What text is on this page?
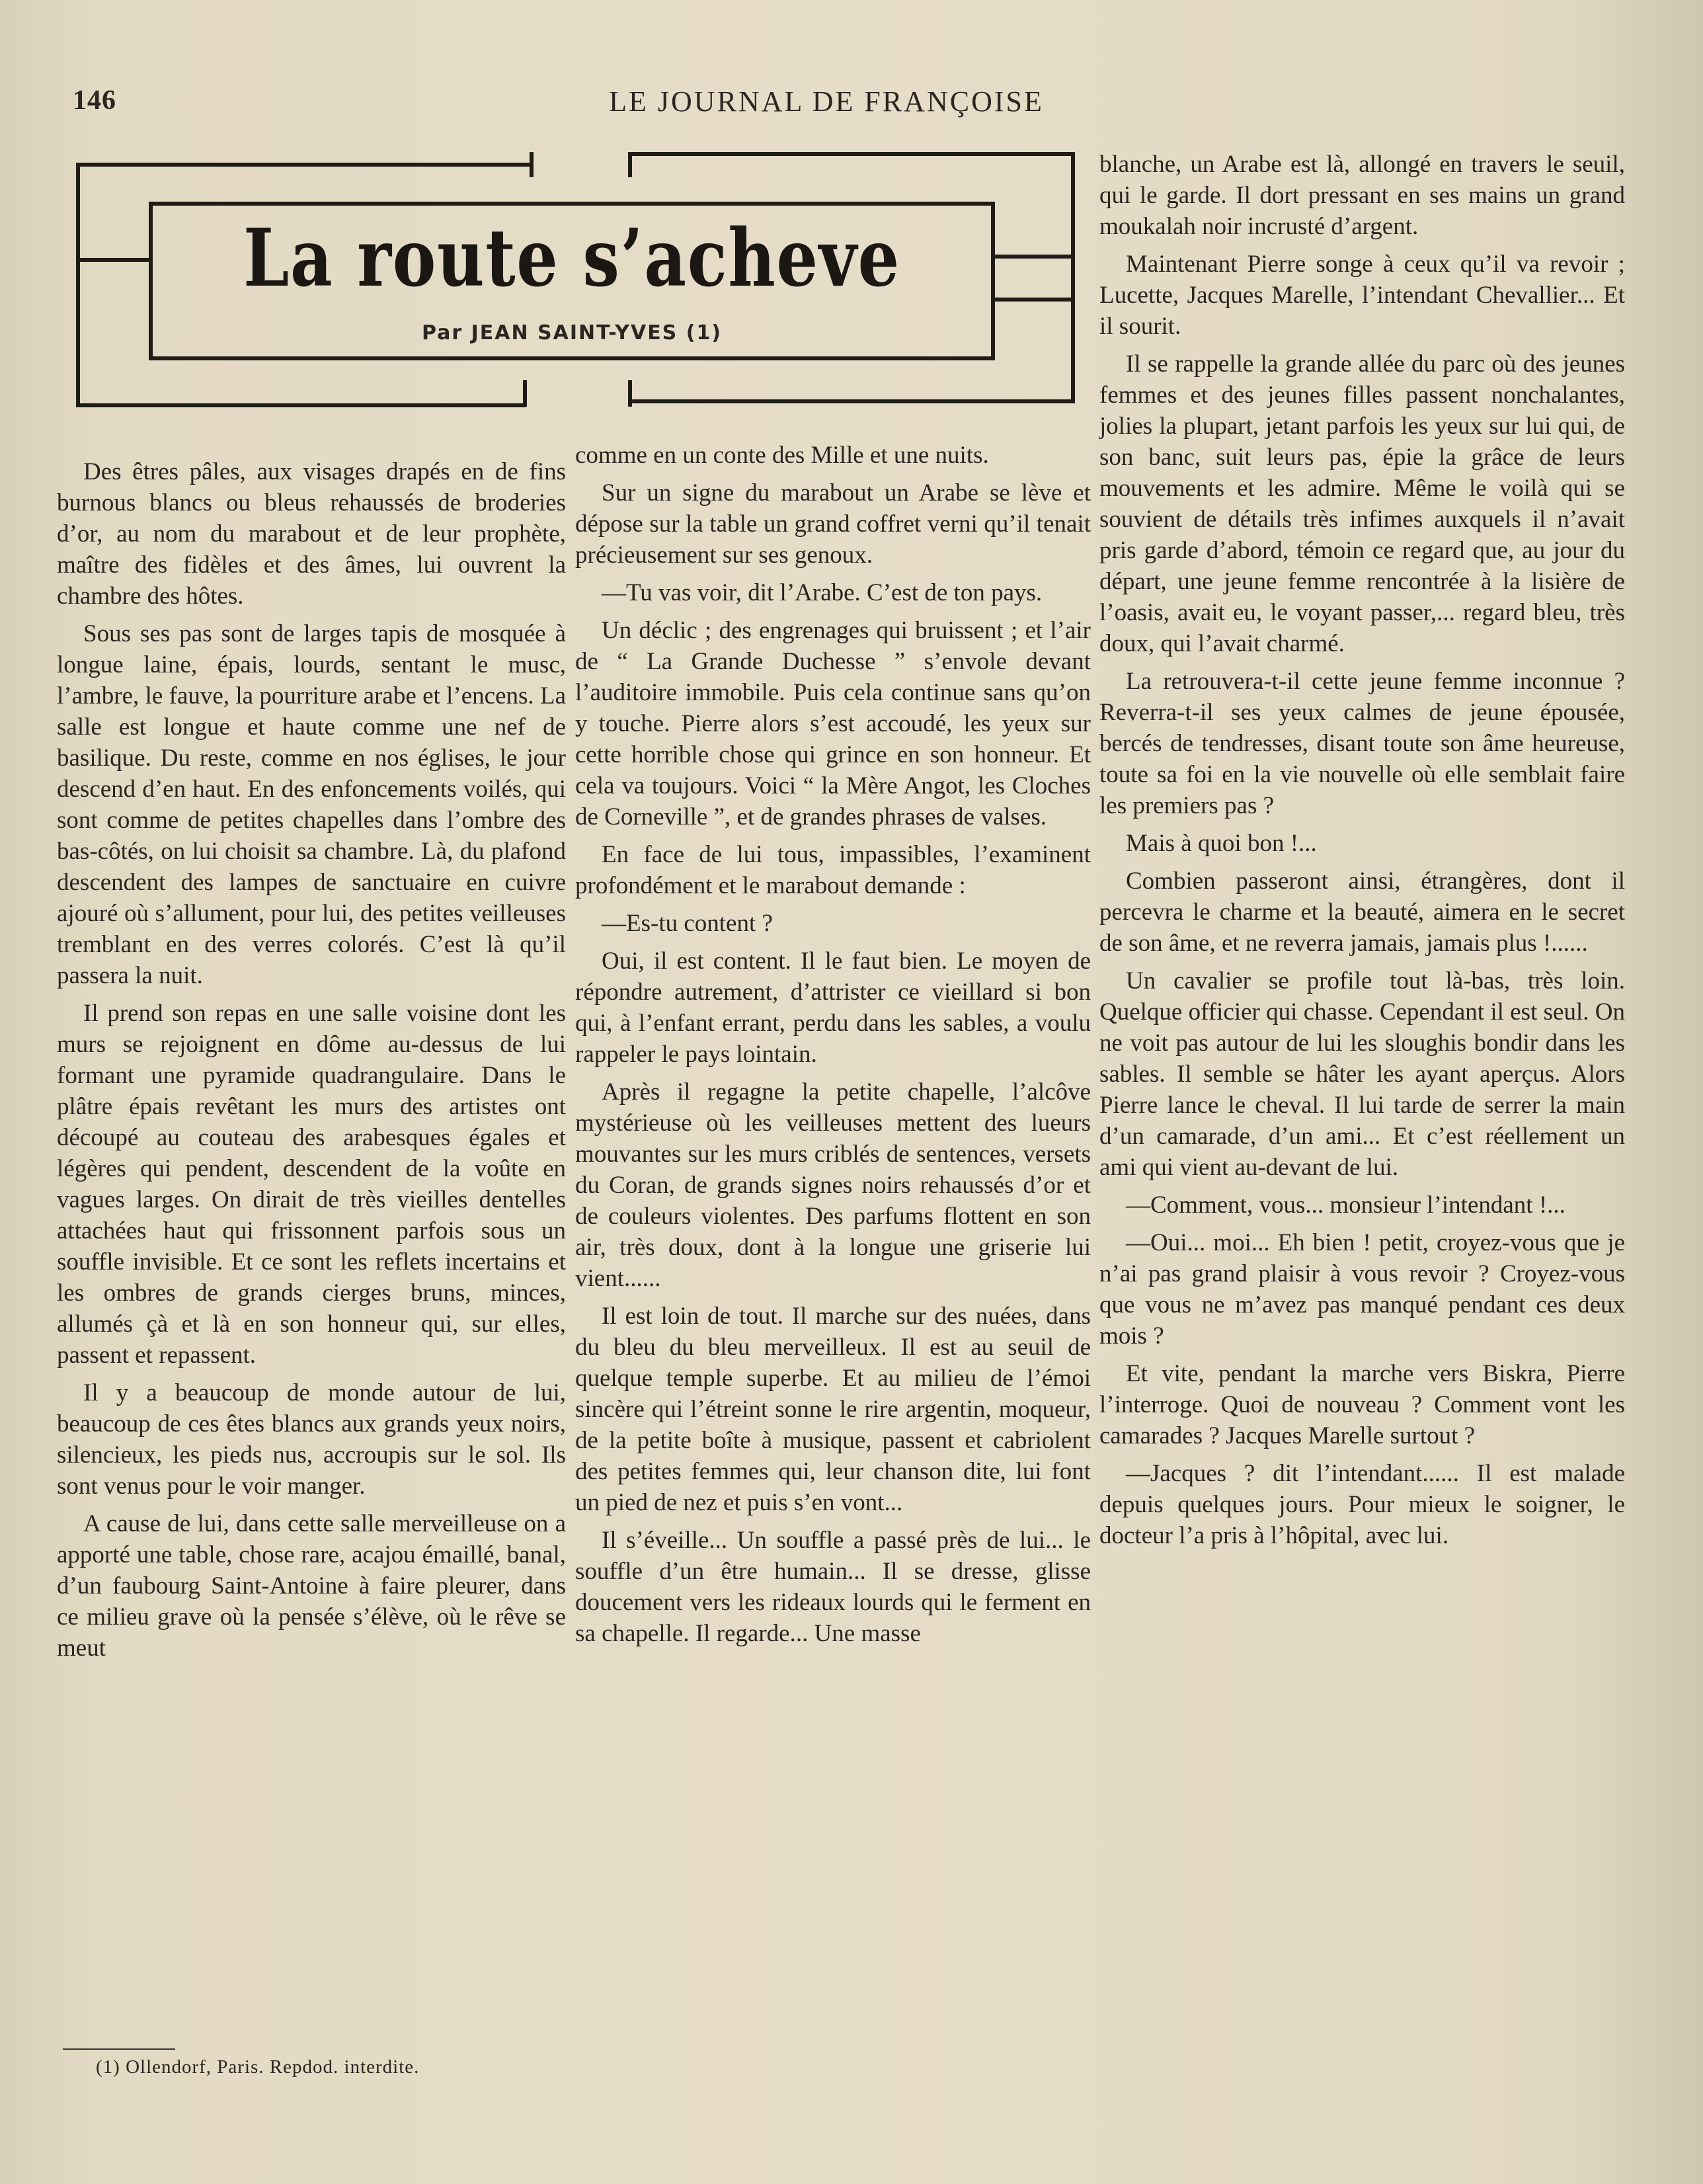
146	LE JOURNAL DE FRANÇOISE
La route s’acheve
Par JEAN SAINT-YVES (1)

Des êtres pâles, aux visages drapés en de fins burnous blancs ou bleus rehaussés de broderies d’or, au nom du marabout et de leur prophète, maître des fidèles et des âmes, lui ouvrent la chambre des hôtes.

Sous ses pas sont de larges tapis de mosquée à longue laine, épais, lourds, sentant le musc, l’ambre, le fauve, la pourriture arabe et l’encens. La salle est longue et haute comme une nef de basilique. Du reste, comme en nos églises, le jour descend d’en haut. En des enfoncements voilés, qui sont comme de petites chapelles dans l’ombre des bas-côtés, on lui choisit sa chambre. Là, du plafond descendent des lampes de sanctuaire en cuivre ajouré où s’allument, pour lui, des petites veilleuses tremblant en des verres colorés. C’est là qu’il passera la nuit.

Il prend son repas en une salle voisine dont les murs se rejoignent en dôme au-dessus de lui formant une pyramide quadrangulaire. Dans le plâtre épais revêtant les murs des artistes ont découpé au couteau des arabesques égales et légères qui pendent, descendent de la voûte en vagues larges. On dirait de très vieilles dentelles attachées haut qui frissonnent parfois sous un souffle invisible. Et ce sont les reflets incertains et les ombres de grands cierges bruns, minces, allumés çà et là en son honneur qui, sur elles, passent et repassent.

Il y a beaucoup de monde autour de lui, beaucoup de ces êtes blancs aux grands yeux noirs, silencieux, les pieds nus, accroupis sur le sol. Ils sont venus pour le voir manger.

A cause de lui, dans cette salle merveilleuse on a apporté une table, chose rare, acajou émaillé, banal, d’un faubourg Saint-Antoine à faire pleurer, dans ce milieu grave où la pensée s’élève, où le rêve se meut

comme en un conte des Mille et une nuits.

Sur un signe du marabout un Arabe se lève et dépose sur la table un grand coffret verni qu’il tenait précieusement sur ses genoux.

—Tu vas voir, dit l’Arabe. C’est de ton pays.

Un déclic ; des engrenages qui bruissent ; et l’air de “ La Grande Duchesse ” s’envole devant l’auditoire immobile. Puis cela continue sans qu’on y touche. Pierre alors s’est accoudé, les yeux sur cette horrible chose qui grince en son honneur. Et cela va toujours. Voici “ la Mère Angot, les Cloches de Corneville ”, et de grandes phrases de valses.

En face de lui tous, impassibles, l’examinent profondément et le marabout demande :

—Es-tu content ?

Oui, il est content. Il le faut bien. Le moyen de répondre autrement, d’attrister ce vieillard si bon qui, à l’enfant errant, perdu dans les sables, a voulu rappeler le pays lointain.

Après il regagne la petite chapelle, l’alcôve mystérieuse où les veilleuses mettent des lueurs mouvantes sur les murs criblés de sentences, versets du Coran, de grands signes noirs rehaussés d’or et de couleurs violentes. Des parfums flottent en son air, très doux, dont à la longue une griserie lui vient......

Il est loin de tout. Il marche sur des nuées, dans du bleu du bleu merveilleux. Il est au seuil de quelque temple superbe. Et au milieu de l’émoi sincère qui l’étreint sonne le rire argentin, moqueur, de la petite boîte à musique, passent et cabriolent des petites femmes qui, leur chanson dite, lui font un pied de nez et puis s’en vont...

Il s’éveille... Un souffle a passé près de lui... le souffle d’un être humain... Il se dresse, glisse doucement vers les rideaux lourds qui le ferment en sa chapelle. Il regarde... Une masse

blanche, un Arabe est là, allongé en travers le seuil, qui le garde. Il dort pressant en ses mains un grand moukalah noir incrusté d’argent.

Maintenant Pierre songe à ceux qu’il va revoir ; Lucette, Jacques Marelle, l’intendant Chevallier... Et il sourit.

Il se rappelle la grande allée du parc où des jeunes femmes et des jeunes filles passent nonchalantes, jolies la plupart, jetant parfois les yeux sur lui qui, de son banc, suit leurs pas, épie la grâce de leurs mouvements et les admire. Même le voilà qui se souvient de détails très infimes auxquels il n’avait pris garde d’abord, témoin ce regard que, au jour du départ, une jeune femme rencontrée à la lisière de l’oasis, avait eu, le voyant passer,... regard bleu, très doux, qui l’avait charmé.

La retrouvera-t-il cette jeune femme inconnue ? Reverra-t-il ses yeux calmes de jeune épousée, bercés de tendresses, disant toute son âme heureuse, toute sa foi en la vie nouvelle où elle semblait faire les premiers pas ?

Mais à quoi bon !...

Combien passeront ainsi, étrangères, dont il percevra le charme et la beauté, aimera en le secret de son âme, et ne reverra jamais, jamais plus !......

Un cavalier se profile tout là-bas, très loin. Quelque officier qui chasse. Cependant il est seul. On ne voit pas autour de lui les sloughis bondir dans les sables. Il semble se hâter les ayant aperçus. Alors Pierre lance le cheval. Il lui tarde de serrer la main d’un camarade, d’un ami... Et c’est réellement un ami qui vient au-devant de lui.

—Comment, vous... monsieur l’intendant !...

—Oui... moi... Eh bien ! petit, croyez-vous que je n’ai pas grand plaisir à vous revoir ? Croyez-vous que vous ne m’avez pas manqué pendant ces deux mois ?

Et vite, pendant la marche vers Biskra, Pierre l’interroge. Quoi de nouveau ? Comment vont les camarades ? Jacques Marelle surtout ?

—Jacques ? dit l’intendant...... Il est malade depuis quelques jours. Pour mieux le soigner, le docteur l’a pris à l’hôpital, avec lui.

(1) Ollendorf, Paris. Repdod. interdite.
